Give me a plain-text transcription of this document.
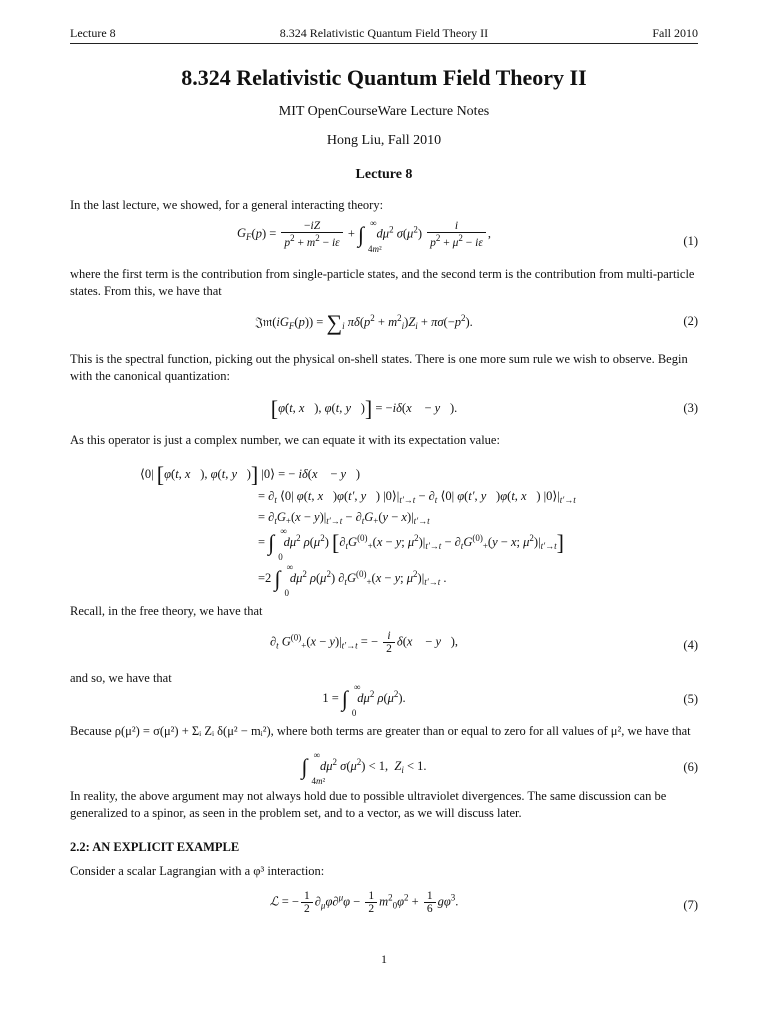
Lecture 8	8.324 Relativistic Quantum Field Theory II	Fall 2010
8.324 Relativistic Quantum Field Theory II
MIT OpenCourseWare Lecture Notes
Hong Liu, Fall 2010
Lecture 8
In the last lecture, we showed, for a general interacting theory:
$G_F(p) = \frac{-iZ}{p^2 + m^2 - i\varepsilon}$ + ∫ ∞
4m²
$d\mu^2$ $\sigma(\mu^2) \frac{i}{p^2 + \mu^2 - i\varepsilon}$ ,
(1)
where the first term is the contribution from single-particle states, and the second term is the contribution from multi-particle states. From this, we have that
$𝔍𝔪(iG_F(p)) = \sum_i$ $\pi\delta(p^2 + m^2_i)Z_i + \pi\sigma(-p^2)$.	(2)
This is the spectral function, picking out the physical on-shell states. There is one more sum rule we wish to observe. Begin with the canonical quantization:
[φ̇(t, x⃗), φ(t, y⃗)] = −iδ(x⃗ − y⃗).	(3)
As this operator is just a complex number, we can equate it with its expectation value:
⟨0| [φ̇(t, x⃗), φ(t, y⃗)] |0⟩ = − iδ(x⃗ − y⃗)
= $\partial_t$ ⟨0| φ(t, x⃗)φ(t′, y⃗) $|0⟩|_{t'\to t} - \partial_t$ ⟨0| φ(t′, y⃗)φ(t, x⃗) $|0⟩|_{t'\to t}$
= $\partial_tG_+(x - y)|_{t'\to t} - \partial_tG_+(y - x)|_{t'\to t}$
= ∫ ∞
0
$d\mu^2$ $\rho(\mu^2) [\partial_tG^{(0)}_+(x - y$; $\mu^2)|_{t'\to t} - \partial_tG^{(0)}_+(y - x$; $\mu^2)|_{t'\to t}$]
=2 ∫ ∞
0
$d\mu^2$ $\rho(\mu^2) \partial_tG^{(0)}_+(x - y$; $\mu^2)|_{t'\to t}$ .
Recall, in the free theory, we have that
$\partial_t$ $G^{(0)}_+(x - y)|_{t'\to t}$ = − $\frac{i}{2}$ δ(x⃗ − y⃗),	(4)
and so, we have that
1 = ∫ ∞
0
$d\mu^2$ $\rho(\mu^2)$.	(5)
Because ρ(μ²) = σ(μ²) + Σᵢ Zᵢ δ(μ² − mᵢ²), where both terms are greater than or equal to zero for all values of μ², we have that
∫ ∞
4m²
$d\mu^2$ $\sigma(\mu^2) < 1$,  $Z_i < 1$.	(6)
In reality, the above argument may not always hold due to possible ultraviolet divergences. The same discussion can be generalized to a spinor, as seen in the problem set, and to a vector, as we will discuss later.
2.2: AN EXPLICIT EXAMPLE
Consider a scalar Lagrangian with a φ³ interaction:
ℒ = − $\frac{1}{2} \partial_\mu\varphi\partial^\mu\varphi - \frac{1}{2} m^2_0\varphi^2 + \frac{1}{6} g\varphi^3$.	(7)
1
